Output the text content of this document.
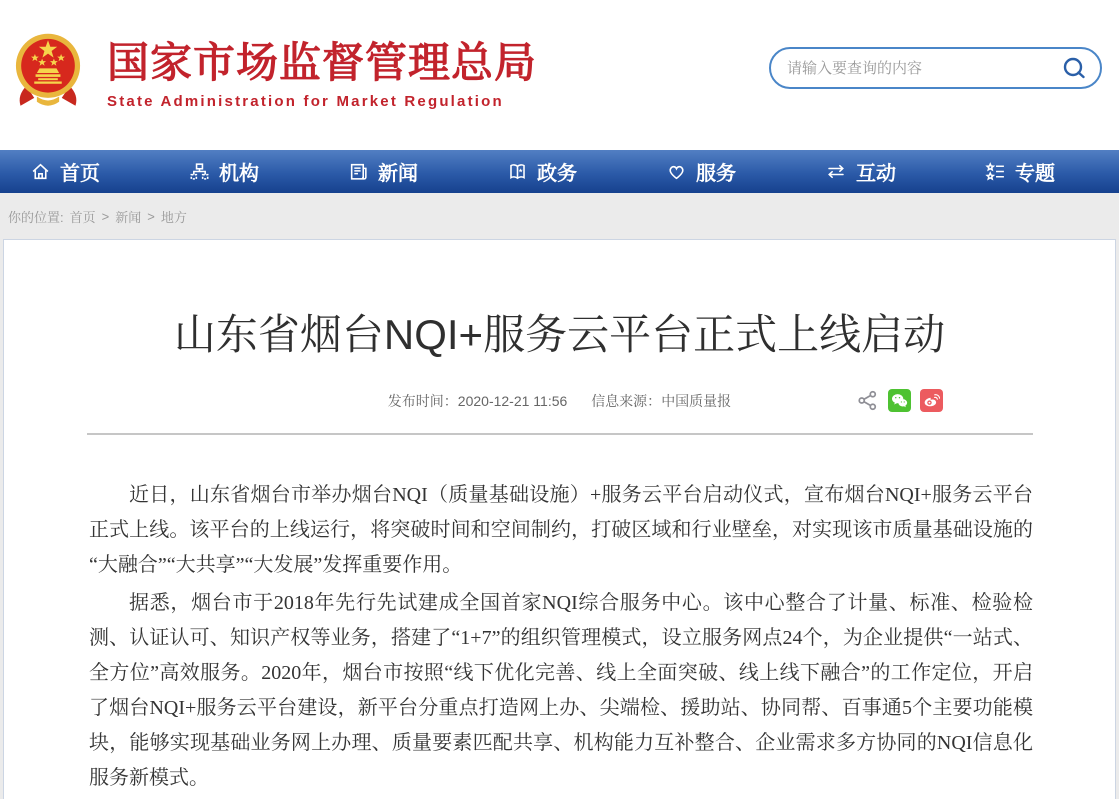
国家市场监督管理总局
State Administration for Market Regulation
请输入要查询的内容
首页	机构	新闻	政务	服务	互动	专题
你的位置: 首页 > 新闻 > 地方
山东省烟台NQI+服务云平台正式上线启动
发布时间：2020-12-21 11:56 信息来源：中国质量报

近日，山东省烟台市举办烟台NQI（质量基础设施）+服务云平台启动仪式，宣布烟台NQI+服务云平台正式上线。该平台的上线运行，将突破时间和空间制约，打破区域和行业壁垒，对实现该市质量基础设施的“大融合”“大共享”“大发展”发挥重要作用。

据悉，烟台市于2018年先行先试建成全国首家NQI综合服务中心。该中心整合了计量、标准、检验检测、认证认可、知识产权等业务，搭建了“1+7”的组织管理模式，设立服务网点24个，为企业提供“一站式、全方位”高效服务。2020年，烟台市按照“线下优化完善、线上全面突破、线上线下融合”的工作定位，开启了烟台NQI+服务云平台建设，新平台分重点打造网上办、尖端检、援助站、协同帮、百事通5个主要功能模块，能够实现基础业务网上办理、质量要素匹配共享、机构能力互补整合、企业需求多方协同的NQI信息化服务新模式。
